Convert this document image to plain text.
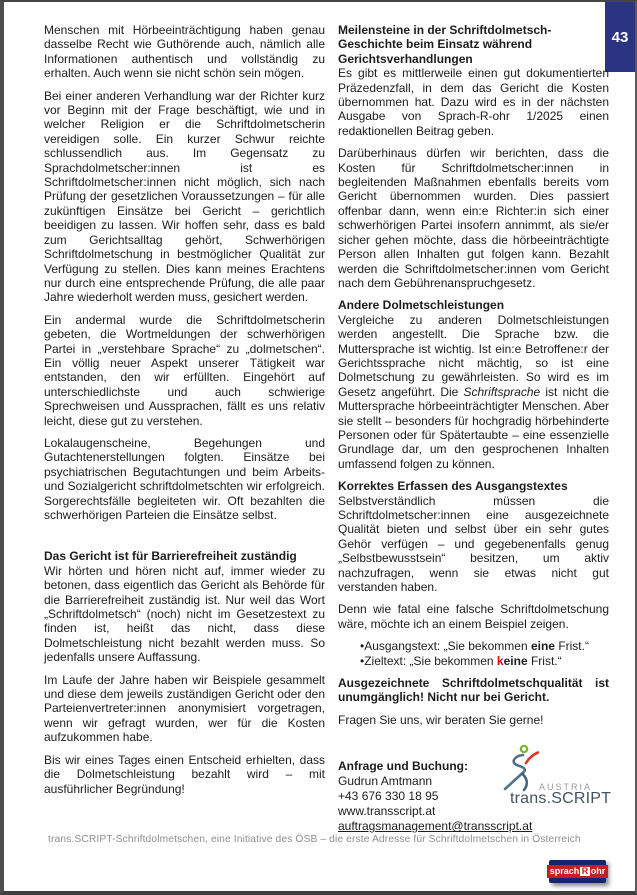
43

Menschen mit Hörbeeinträchtigung haben genau dasselbe Recht wie Guthörende auch, nämlich alle Informationen authentisch und vollständig zu erhalten. Auch wenn sie nicht schön sein mögen.

Bei einer anderen Verhandlung war der Richter kurz vor Beginn mit der Frage beschäftigt, wie und in welcher Religion er die Schriftdolmetscherin vereidigen solle. Ein kurzer Schwur reichte schlussendlich aus. Im Gegensatz zu Sprachdolmetscher:innen ist es Schriftdolmetscher:innen nicht möglich, sich nach Prüfung der gesetzlichen Voraussetzungen – für alle zukünftigen Einsätze bei Gericht – gerichtlich beeidigen zu lassen. Wir hoffen sehr, dass es bald zum Gerichtsalltag gehört, Schwerhörigen Schriftdolmetschung in bestmöglicher Qualität zur Verfügung zu stellen. Dies kann meines Erachtens nur durch eine entsprechende Prüfung, die alle paar Jahre wiederholt werden muss, gesichert werden.

Ein andermal wurde die Schriftdolmetscherin gebeten, die Wortmeldungen der schwerhörigen Partei in „verstehbare Sprache“ zu „dolmetschen“. Ein völlig neuer Aspekt unserer Tätigkeit war entstanden, den wir erfüllten. Eingehört auf unterschiedlichste und auch schwierige Sprechweisen und Aussprachen, fällt es uns relativ leicht, diese gut zu verstehen.

Lokalaugenscheine, Begehungen und Gutachtenerstellungen folgten. Einsätze bei psychiatrischen Begutachtungen und beim Arbeits- und Sozialgericht schriftdolmetschten wir erfolgreich. Sorgerechtsfälle begleiteten wir. Oft bezahlten die schwerhörigen Parteien die Einsätze selbst.

Das Gericht ist für Barrierefreiheit zuständig

Wir hörten und hören nicht auf, immer wieder zu betonen, dass eigentlich das Gericht als Behörde für die Barrierefreiheit zuständig ist. Nur weil das Wort „Schriftdolmetsch“ (noch) nicht im Gesetzestext zu finden ist, heißt das nicht, dass diese Dolmetschleistung nicht bezahlt werden muss. So jedenfalls unsere Auffassung.

Im Laufe der Jahre haben wir Beispiele gesammelt und diese dem jeweils zuständigen Gericht oder den Parteienvertreter:innen anonymisiert vorgetragen, wenn wir gefragt wurden, wer für die Kosten aufzukommen habe.

Bis wir eines Tages einen Entscheid erhielten, dass die Dolmetschleistung bezahlt wird – mit ausführlicher Begründung!

Meilensteine in der Schriftdolmetsch-Geschichte beim Einsatz während Gerichtsverhandlungen

Es gibt es mittlerweile einen gut dokumentierten Präzedenzfall, in dem das Gericht die Kosten übernommen hat. Dazu wird es in der nächsten Ausgabe von Sprach-R-ohr 1/2025 einen redaktionellen Beitrag geben.

Darüberhinaus dürfen wir berichten, dass die Kosten für Schriftdolmetscher:innen in begleitenden Maßnahmen ebenfalls bereits vom Gericht übernommen wurden. Dies passiert offenbar dann, wenn ein:e Richter:in sich einer schwerhörigen Partei insofern annimmt, als sie/er sicher gehen möchte, dass die hörbeeinträchtigte Person allen Inhalten gut folgen kann. Bezahlt werden die Schriftdolmetscher:innen vom Gericht nach dem Gebührenanspruchgesetz.

Andere Dolmetschleistungen

Vergleiche zu anderen Dolmetschleistungen werden angestellt. Die Sprache bzw. die Muttersprache ist wichtig. Ist ein:e Betroffene:r der Gerichtssprache nicht mächtig, so ist eine Dolmetschung zu gewährleisten. So wird es im Gesetz angeführt. Die Schriftsprache ist nicht die Muttersprache hörbeeinträchtigter Menschen. Aber sie stellt – besonders für hochgradig hörbehinderte Personen oder für Spätertaubte – eine essenzielle Grundlage dar, um den gesprochenen Inhalten umfassend folgen zu können.

Korrektes Erfassen des Ausgangstextes

Selbstverständlich müssen die Schriftdolmetscher:innen eine ausgezeichnete Qualität bieten und selbst über ein sehr gutes Gehör verfügen – und gegebenenfalls genug „Selbstbewusstsein“ besitzen, um aktiv nachzufragen, wenn sie etwas nicht gut verstanden haben.

Denn wie fatal eine falsche Schriftdolmetschung wäre, möchte ich an einem Beispiel zeigen.

•Ausgangstext: „Sie bekommen eine Frist.“
•Zieltext: „Sie bekommen keine Frist.“

Ausgezeichnete Schriftdolmetschqualität ist unumgänglich! Nicht nur bei Gericht.

Fragen Sie uns, wir beraten Sie gerne!

Anfrage und Buchung:
Gudrun Amtmann
+43 676 330 18 95
www.transscript.at
AUSTRIA
trans.SCRIPT
auftragsmanagement@transscript.at
trans.SCRIPT-Schriftdolmetschen, eine Initiative des ÖSB – die erste Adresse für Schriftdolmetschen in Österreich
sprach R ohr
